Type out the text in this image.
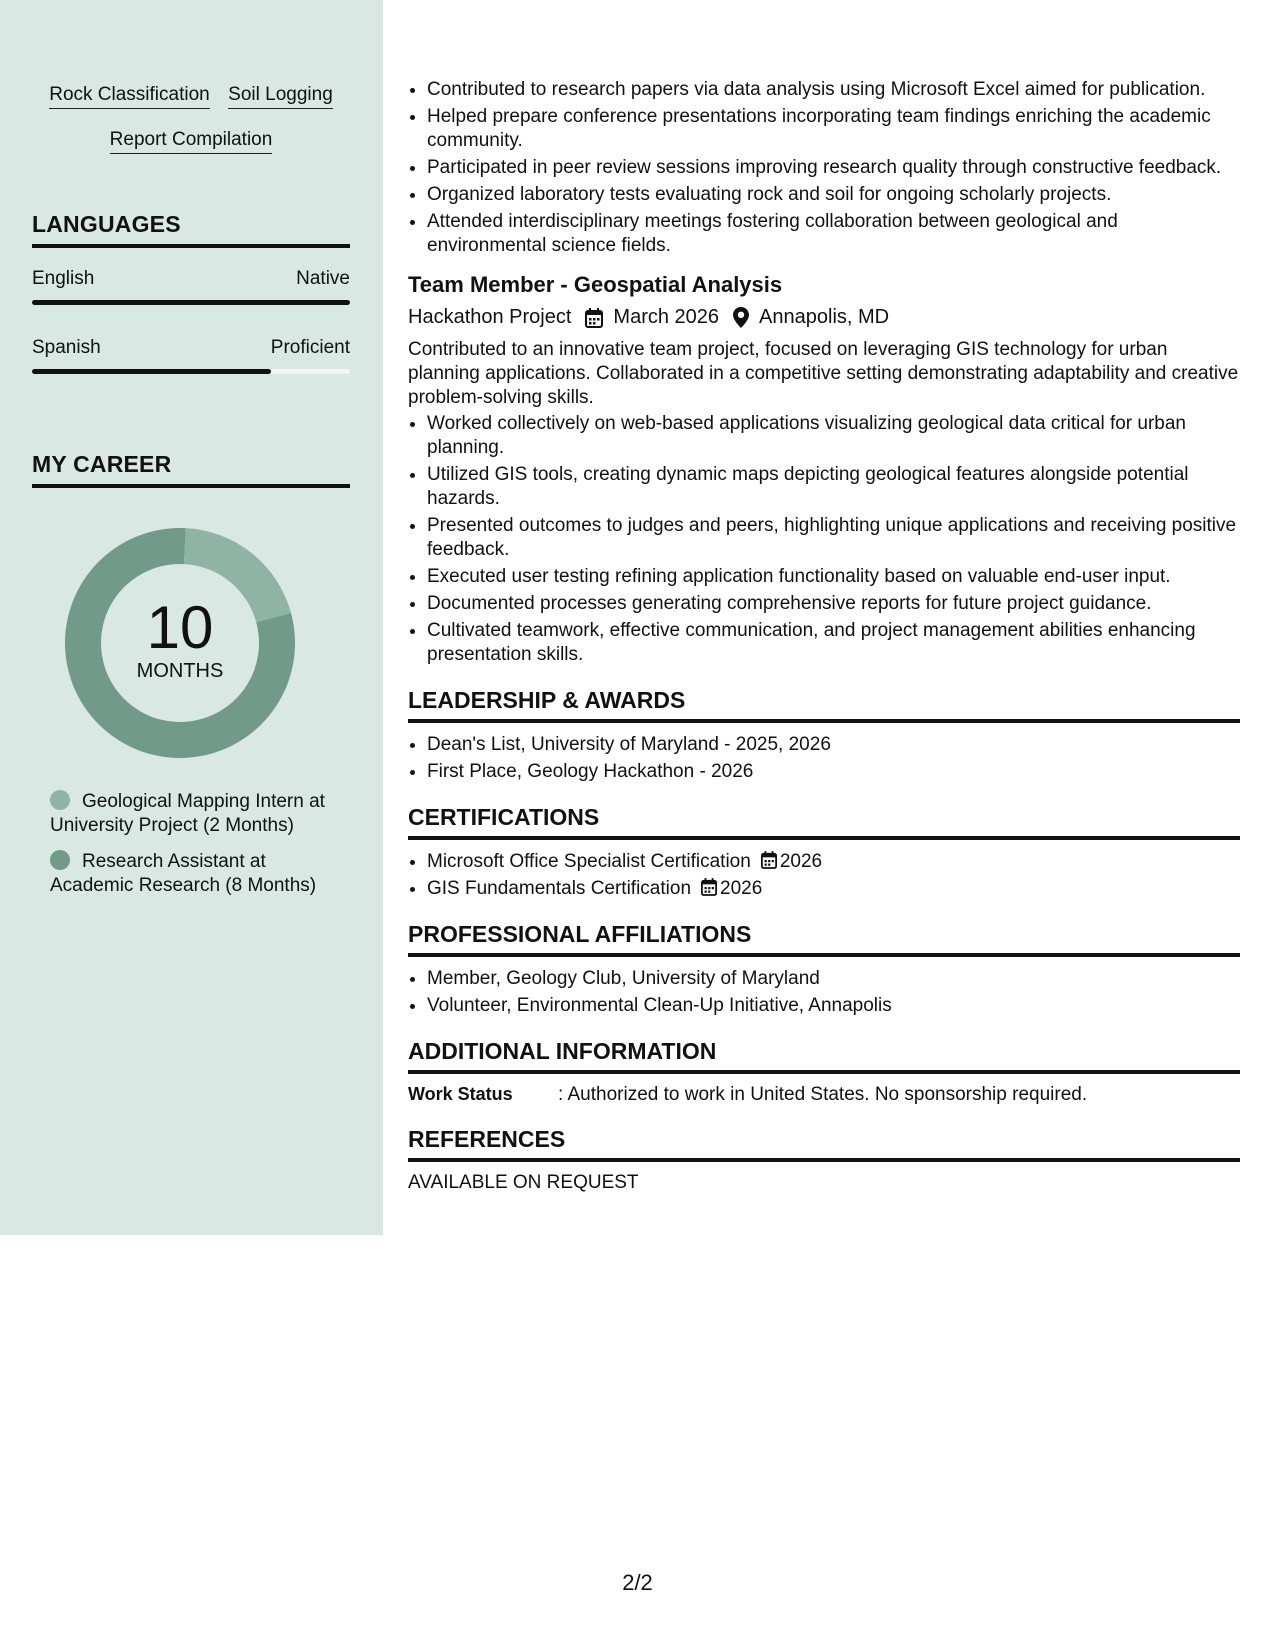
Rock Classification Soil Logging
Report Compilation
LANGUAGES
English	Native
Spanish	Proficient
MY CAREER
10
MONTHS
Geological Mapping Intern at University Project (2 Months)
Research Assistant at Academic Research (8 Months)
• Contributed to research papers via data analysis using Microsoft Excel aimed for publication.
• Helped prepare conference presentations incorporating team findings enriching the academic community.
• Participated in peer review sessions improving research quality through constructive feedback.
• Organized laboratory tests evaluating rock and soil for ongoing scholarly projects.
• Attended interdisciplinary meetings fostering collaboration between geological and environmental science fields.
Team Member - Geospatial Analysis
Hackathon Project March 2026 Annapolis, MD
Contributed to an innovative team project, focused on leveraging GIS technology for urban planning applications. Collaborated in a competitive setting demonstrating adaptability and creative problem-solving skills.
• Worked collectively on web-based applications visualizing geological data critical for urban planning.
• Utilized GIS tools, creating dynamic maps depicting geological features alongside potential hazards.
• Presented outcomes to judges and peers, highlighting unique applications and receiving positive feedback.
• Executed user testing refining application functionality based on valuable end-user input.
• Documented processes generating comprehensive reports for future project guidance.
• Cultivated teamwork, effective communication, and project management abilities enhancing presentation skills.
LEADERSHIP & AWARDS
• Dean's List, University of Maryland - 2025, 2026
• First Place, Geology Hackathon - 2026
CERTIFICATIONS
• Microsoft Office Specialist Certification 2026
• GIS Fundamentals Certification 2026
PROFESSIONAL AFFILIATIONS
• Member, Geology Club, University of Maryland
• Volunteer, Environmental Clean-Up Initiative, Annapolis
ADDITIONAL INFORMATION
Work Status	: Authorized to work in United States. No sponsorship required.
REFERENCES
AVAILABLE ON REQUEST
2/2
